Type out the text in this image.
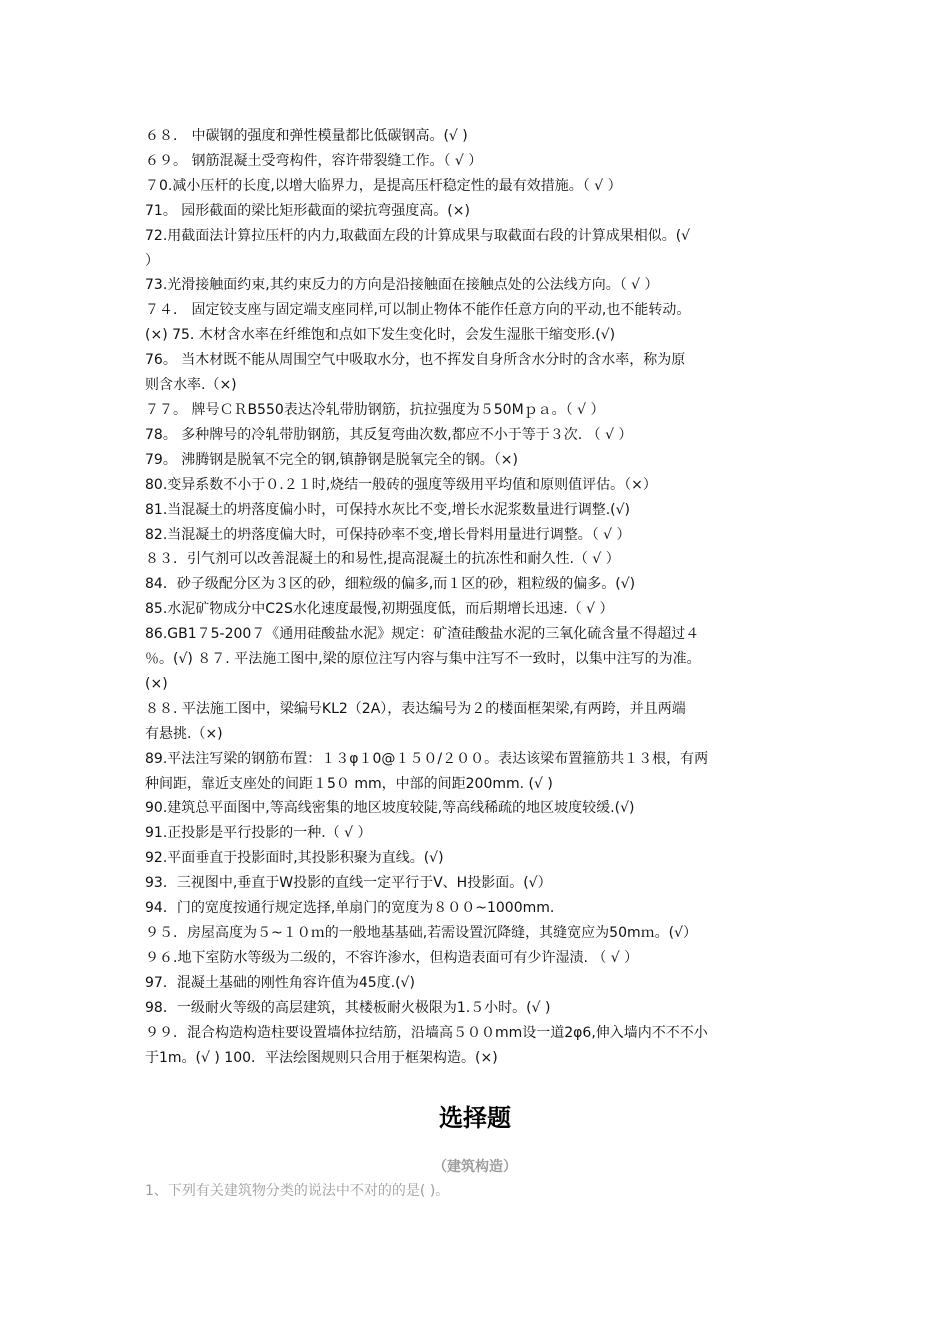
６８． 中碳钢的强度和弹性模量都比低碳钢高。(√ )
６９。 钢筋混凝土受弯构件，容许带裂缝工作。（ √ ）
７0.减小压杆的长度,以增大临界力，是提高压杆稳定性的最有效措施。（ √ ）
71。 园形截面的梁比矩形截面的梁抗弯强度高。(×)
72.用截面法计算拉压杆的内力,取截面左段的计算成果与取截面右段的计算成果相似。(√
）
73.光滑接触面约束,其约束反力的方向是沿接触面在接触点处的公法线方向。（ √ ）
７４． 固定铰支座与固定端支座同样,可以制止物体不能作任意方向的平动,也不能转动。
(×) 75. 木材含水率在纤维饱和点如下发生变化时，会发生湿胀干缩变形.(√)
76。 当木材既不能从周围空气中吸取水分，也不挥发自身所含水分时的含水率，称为原
则含水率.（×)
７７。 牌号ＣＲB550表达冷轧带肋钢筋，抗拉强度为５50Mｐａ。（ √ ）
78。 多种牌号的冷轧带肋钢筋，其反复弯曲次数,都应不小于等于３次. （ √ ）
79。 沸腾钢是脱氧不完全的钢,镇静钢是脱氧完全的钢。（×)
80.变异系数不小于０.２１时,烧结一般砖的强度等级用平均值和原则值评估。（×）
81.当混凝土的坍落度偏小时，可保持水灰比不变,增长水泥浆数量进行调整.(√)
82.当混凝土的坍落度偏大时，可保持砂率不变,增长骨料用量进行调整。（ √ ）
８３．引气剂可以改善混凝土的和易性,提高混凝土的抗冻性和耐久性.（ √ ）
84．砂子级配分区为３区的砂，细粒级的偏多,而１区的砂，粗粒级的偏多。(√)
85.水泥矿物成分中C2S水化速度最慢,初期强度低，而后期增长迅速.（ √ ）
86.GB1７5-200７《通用硅酸盐水泥》规定：矿渣硅酸盐水泥的三氧化硫含量不得超过４
％。(√) ８７. 平法施工图中,梁的原位注写内容与集中注写不一致时，以集中注写的为准。
(×)
８８. 平法施工图中，梁编号KL2（2A），表达编号为２的楼面框架梁,有两跨，并且两端
有悬挑.（×)
89.平法注写梁的钢筋布置：１３φ１0@１５０/２００。表达该梁布置箍筋共１３根，有两
种间距，靠近支座处的间距１5０ mm，中部的间距200mm. (√ )
90.建筑总平面图中,等高线密集的地区坡度较陡,等高线稀疏的地区坡度较缓.(√)
91.正投影是平行投影的一种.（ √ ）
92.平面垂直于投影面时,其投影积聚为直线。(√)
93．三视图中,垂直于W投影的直线一定平行于V、H投影面。(√）
94．门的宽度按通行规定选择,单扇门的宽度为８００~1000mm.
９５．房屋高度为５~１０ｍ的一般地基基础,若需设置沉降缝，其缝宽应为50mｍ。(√）
９６.地下室防水等级为二级的，不容许渗水，但构造表面可有少许湿渍. （ √ ）
97．混凝土基础的刚性角容许值为45度.(√)
98．一级耐火等级的高层建筑，其楼板耐火极限为1.５小时。(√ )
９９．混合构造构造柱要设置墙体拉结筋，沿墙高５００mm设一道2φ6,伸入墙内不不不小
于1m。(√ ) 100．平法绘图规则只合用于框架构造。(×)
选择题
（建筑构造）
1、下列有关建筑物分类的说法中不对的的是( )。
